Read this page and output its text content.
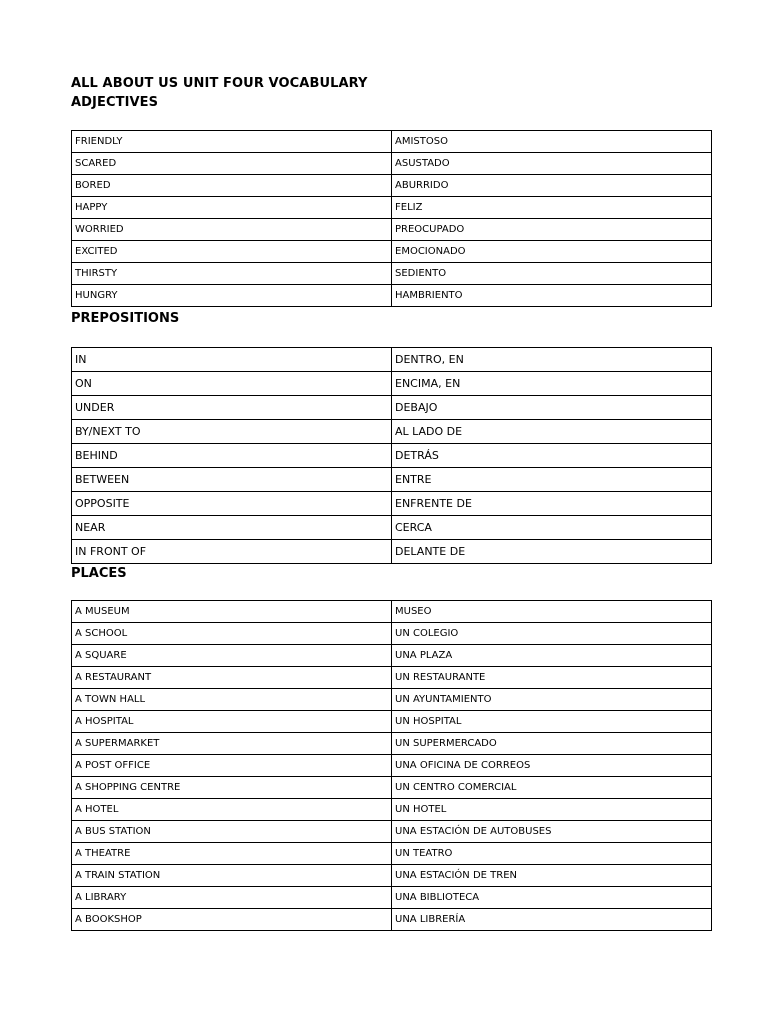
ALL ABOUT US UNIT FOUR VOCABULARY
ADJECTIVES
FRIENDLY	AMISTOSO
SCARED	ASUSTADO
BORED	ABURRIDO
HAPPY	FELIZ
WORRIED	PREOCUPADO
EXCITED	EMOCIONADO
THIRSTY	SEDIENTO
HUNGRY	HAMBRIENTO
PREPOSITIONS
IN	DENTRO, EN
ON	ENCIMA, EN
UNDER	DEBAJO
BY/NEXT TO	AL LADO DE
BEHIND	DETRÁS
BETWEEN	ENTRE
OPPOSITE	ENFRENTE DE
NEAR	CERCA
IN FRONT OF	DELANTE DE
PLACES
A MUSEUM	MUSEO
A SCHOOL	UN COLEGIO
A SQUARE	UNA PLAZA
A RESTAURANT	UN RESTAURANTE
A TOWN HALL	UN AYUNTAMIENTO
A HOSPITAL	UN HOSPITAL
A SUPERMARKET	UN SUPERMERCADO
A POST OFFICE	UNA OFICINA DE CORREOS
A SHOPPING CENTRE	UN CENTRO COMERCIAL
A HOTEL	UN HOTEL
A BUS STATION	UNA ESTACIÓN DE AUTOBUSES
A THEATRE	UN TEATRO
A TRAIN STATION	UNA ESTACIÓN DE TREN
A LIBRARY	UNA BIBLIOTECA
A BOOKSHOP	UNA LIBRERÍA
